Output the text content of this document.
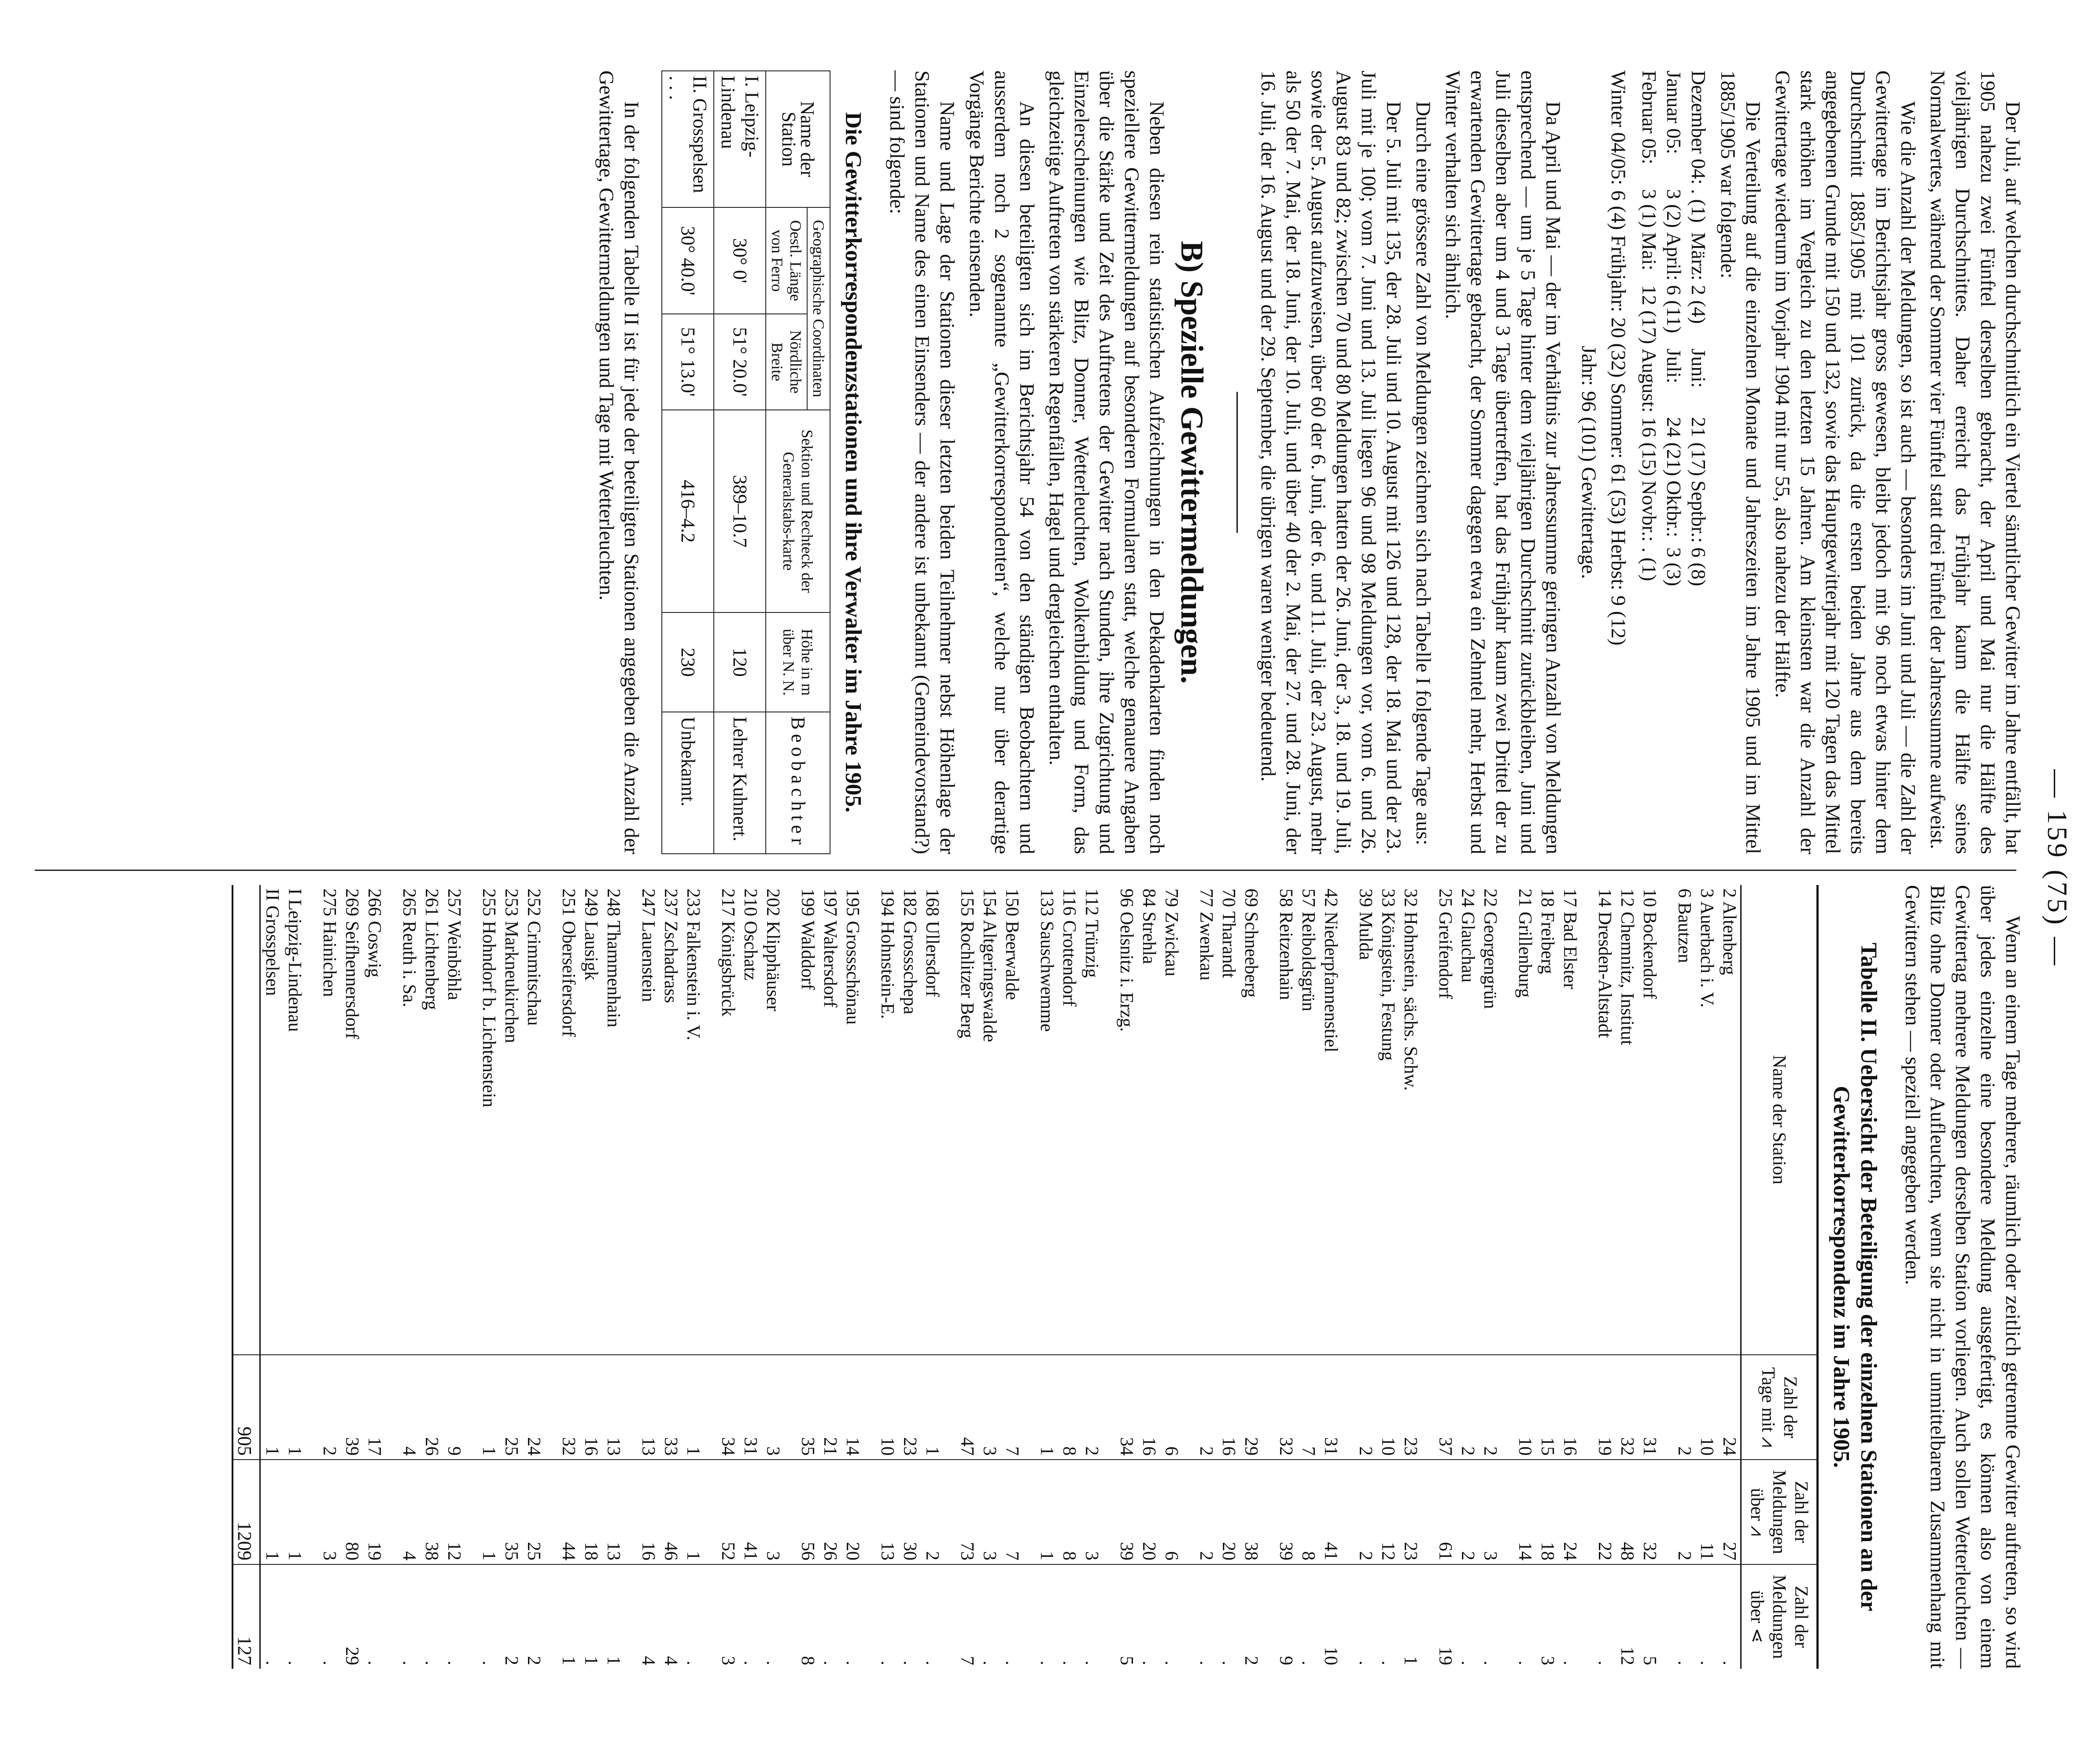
— 159 (75) —

Der Juli, auf welchen durchschnittlich ein Viertel sämtlicher Gewitter im Jahre entfällt, hat 1905 nahezu zwei Fünftel derselben gebracht, der April und Mai nur die Hälfte des vieljährigen Durchschnittes. Daher erreicht das Frühjahr kaum die Hälfte seines Normalwertes, während der Sommer vier Fünftel statt drei Fünftel der Jahressumme aufweist.

Wie die Anzahl der Meldungen, so ist auch — besonders im Juni und Juli — die Zahl der Gewittertage im Berichtsjahr gross gewesen, bleibt jedoch mit 96 noch etwas hinter dem Durchschnitt 1885/1905 mit 101 zurück, da die ersten beiden Jahre aus dem bereits angegebenen Grunde mit 150 und 132, sowie das Hauptgewitterjahr mit 120 Tagen das Mittel stark erhöhen im Vergleich zu den letzten 15 Jahren. Am kleinsten war die Anzahl der Gewittertage wiederum im Vorjahr 1904 mit nur 55, also nahezu der Hälfte.

Die Verteilung auf die einzelnen Monate und Jahreszeiten im Jahre 1905 und im Mittel 1885/1905 war folgende:

Dezember 04:	. (1)	März:	2 (4)	Juni:	21 (17)	Septbr.:	6 (8)
Januar 05:	3 (2)	April:	6 (11)	Juli:	24 (21)	Oktbr.:	3 (3)
Februar 05:	3 (1)	Mai:	12 (17)	August:	16 (15)	Novbr.:	. (1)

Winter 04/05: 6 (4) Frühjahr: 20 (32) Sommer: 61 (53) Herbst: 9 (12)

Jahr: 96 (101) Gewittertage.

Da April und Mai — der im Verhältnis zur Jahressumme geringen Anzahl von Meldungen entsprechend — um je 5 Tage hinter dem vieljährigen Durchschnitt zurückbleiben, Juni und Juli dieselben aber um 4 und 3 Tage übertreffen, hat das Frühjahr kaum zwei Drittel der zu erwartenden Gewittertage gebracht, der Sommer dagegen etwa ein Zehntel mehr, Herbst und Winter verhalten sich ähnlich.

Durch eine grössere Zahl von Meldungen zeichnen sich nach Tabelle I folgende Tage aus:

Der 5. Juli mit 135, der 28. Juli und 10. August mit 126 und 128, der 18. Mai und der 23. Juli mit je 100; vom 7. Juni und 13. Juli liegen 96 und 98 Meldungen vor, vom 6. und 26. August 83 und 82; zwischen 70 und 80 Meldungen hatten der 26. Juni, der 3., 18. und 19. Juli, sowie der 5. August aufzuweisen, über 60 der 6. Juni, der 6. und 11. Juli, der 23. August, mehr als 50 der 7. Mai, der 18. Juni, der 10. Juli, und über 40 der 2. Mai, der 27. und 28. Juni, der 16. Juli, der 16. August und der 29. September, die übrigen waren weniger bedeutend.

B) Spezielle Gewittermeldungen.

Neben diesen rein statistischen Aufzeichnungen in den Dekadenkarten finden noch speziellere Gewittermeldungen auf besonderen Formularen statt, welche genauere Angaben über die Stärke und Zeit des Auftretens der Gewitter nach Stunden, ihre Zugrichtung und Einzelerscheinungen wie Blitz, Donner, Wetterleuchten, Wolkenbildung und Form, das gleichzeitige Auftreten von stärkeren Regenfällen, Hagel und dergleichen enthalten.

An diesen beteiligten sich im Berichtsjahr 54 von den ständigen Beobachtern und ausserdem noch 2 sogenannte „Gewitterkorrespondenten“, welche nur über derartige Vorgänge Berichte einsenden.

Name und Lage der Stationen dieser letzten beiden Teilnehmer nebst Höhenlage der Stationen und Name des einen Einsenders — der andere ist unbekannt (Gemeindevorstand?) — sind folgende:

Die Gewitterkorrespondenzstationen und ihre Verwalter im Jahre 1905.
Name der Station	Geographische Coordinaten		Sektion und Rechteck der Generalstabs-karte	Höhe in m über N. N.	Beobachter
	Oestl. Länge von Ferro	Nördliche Breite			
I. Leipzig-Lindenau	30° 0'	51° 20.0'	389–10.7	120	Lehrer Kuhnert.
II. Grosspelsen . . .	30° 40.0'	51° 13.0'	416–4.2	230	Unbekannt.

In der folgenden Tabelle II ist für jede der beteiligten Stationen angegeben die Anzahl der Gewittertage, Gewittermeldungen und Tage mit Wetterleuchten.

Wenn an einem Tage mehrere, räumlich oder zeitlich getrennte Gewitter auftreten, so wird über jedes einzelne eine besondere Meldung ausgefertigt, es können also von einem Gewittertag mehrere Meldungen derselben Station vorliegen. Auch sollen Wetterleuchten — Blitz ohne Donner oder Aufleuchten, wenn sie nicht in unmittelbarem Zusammenhang mit Gewittern stehen — speziell angegeben werden.

Tabelle II. Uebersicht der Beteiligung der einzelnen Stationen an der Gewitterkorrespondenz im Jahre 1905.
Name der Station	Zahl der Tage mit ⩘	Zahl der Meldungen über ⩘	Zahl der Meldungen über ⋖
2 Altenberg	24	27	.
3 Auerbach i. V.	10	11	.
6 Bautzen	2	2	.

10 Bockendorf	31	32	5
12 Chemnitz, Institut	32	48	12
14 Dresden-Altstadt	19	22	.

17 Bad Elster	16	24	.
18 Freiberg	15	18	3
21 Grillenburg	10	14	.

22 Georgengrün	2	3	.
24 Glauchau	2	2	.
25 Greifendorf	37	61	19

32 Hohnstein, sächs. Schw.	23	23	1
33 Königstein, Festung	10	12	.
39 Mulda	2	2	.

42 Niederpfannenstiel	31	41	10
57 Reiboldsgrün	7	8	.
58 Reitzenhain	32	39	9

69 Schneeberg	29	38	2
70 Tharandt	16	20	.
77 Zwenkau	2	2	.

79 Zwickau	6	6	.
84 Strehla	16	20	.
96 Oelsnitz i. Erzg.	34	39	5

112 Trünzig	2	3	.
116 Crottendorf	8	8	.
133 Sauschwemme	1	1	.

150 Beerwalde	7	7	.
154 Altgeringswalde	3	3	.
155 Rochlitzer Berg	47	73	7

168 Ullersdorf	1	2	.
182 Grossschepa	23	30	.
194 Hohnstein-E.	10	13	.

195 Grossschönau	14	20	.
197 Waltersdorf	21	26	.
199 Walddorf	35	56	8

202 Klipphäuser	3	3	.
210 Oschatz	31	41	.
217 Königsbrück	34	52	3

233 Falkenstein i. V.	1	1	.
237 Zschadrass	33	46	4
247 Lauenstein	13	16	4

248 Thammenhain	13	13	1
249 Lausigk	16	18	1
251 Oberseifersdorf	32	44	1

252 Crimmitschau	24	25	2
253 Markneukirchen	25	35	2
255 Hohndorf b. Lichtenstein	1	1	.

257 Weinböhla	9	12	.
261 Lichtenberg	26	38	.
265 Reuth i. Sa.	4	4	.

266 Coswig	17	19	.
269 Seifhennersdorf	39	80	29
275 Hainichen	2	3	.

I Leipzig-Lindenau	1	1	.
II Grosspelsen	1	1	.
	905	1209	127
